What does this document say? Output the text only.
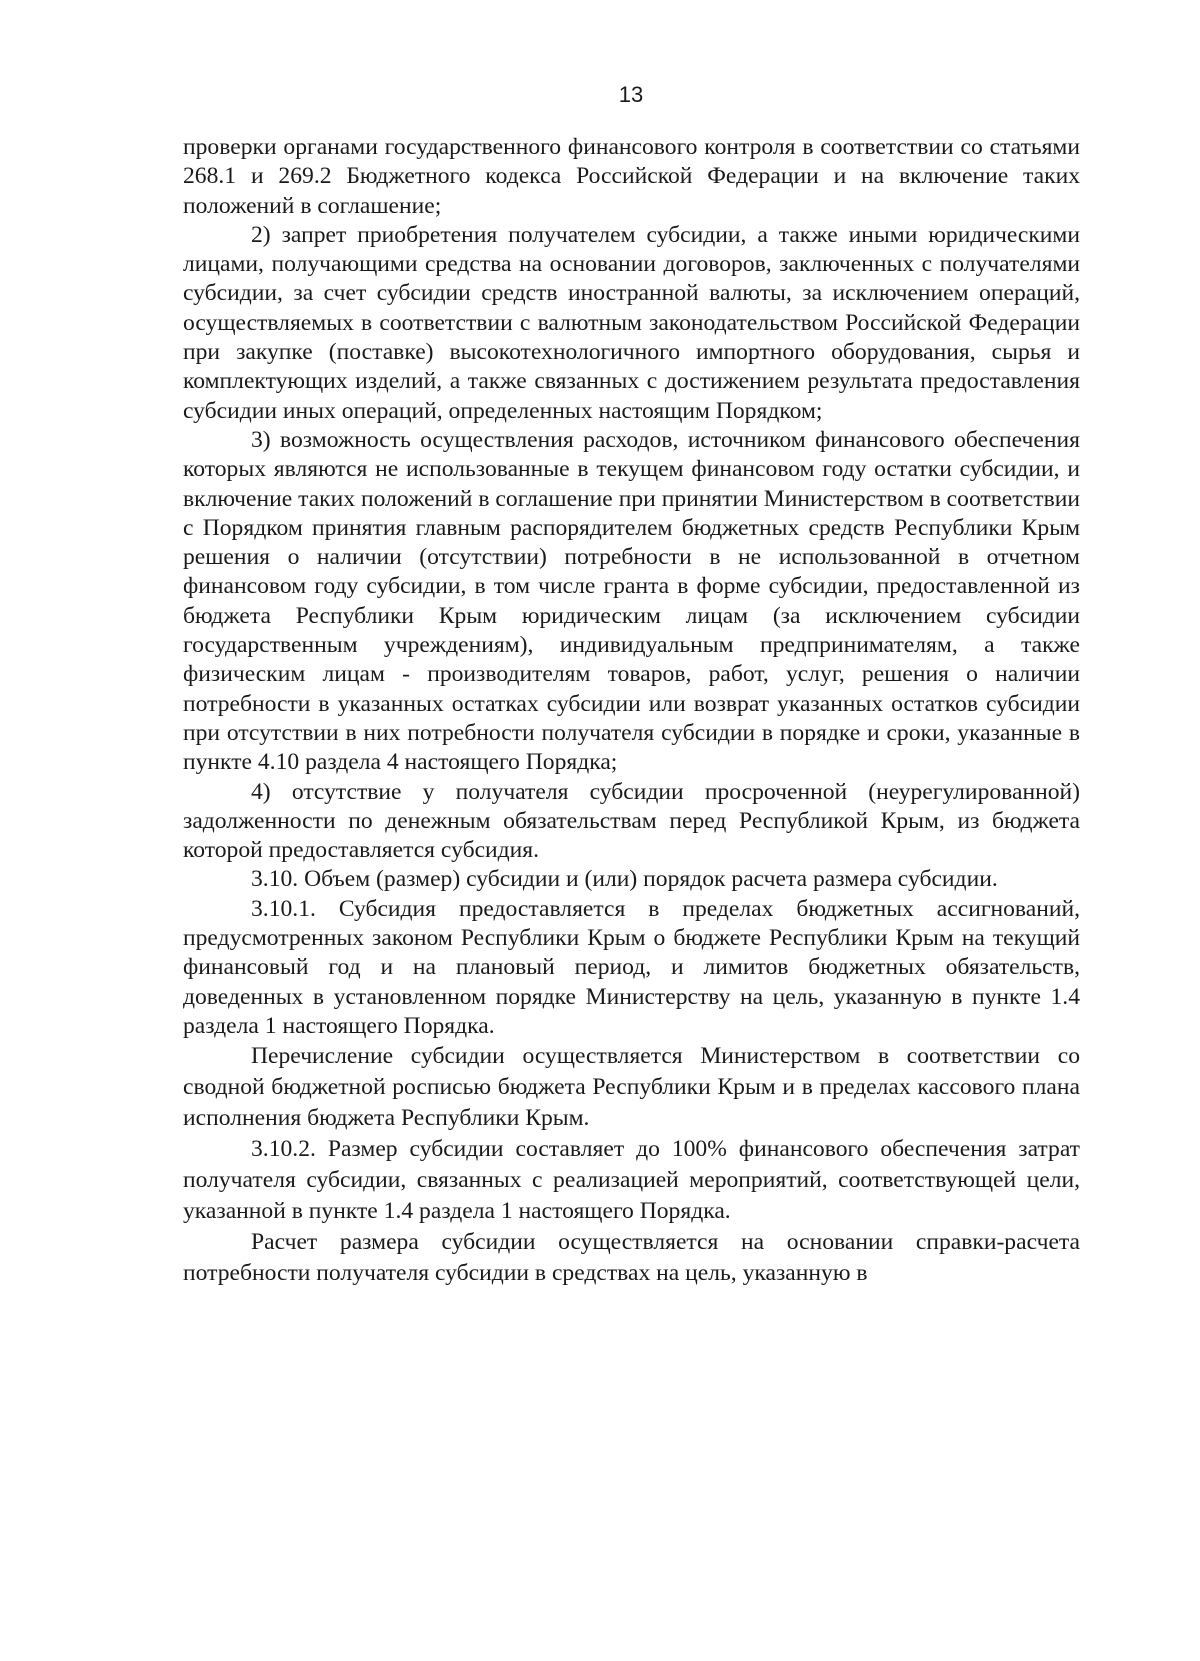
13

проверки органами государственного финансового контроля в соответствии со статьями 268.1 и 269.2 Бюджетного кодекса Российской Федерации и на включение таких положений в соглашение;

2) запрет приобретения получателем субсидии, а также иными юридическими лицами, получающими средства на основании договоров, заключенных с получателями субсидии, за счет субсидии средств иностранной валюты, за исключением операций, осуществляемых в соответствии с валютным законодательством Российской Федерации при закупке (поставке) высокотехнологичного импортного оборудования, сырья и комплектующих изделий, а также связанных с достижением результата предоставления субсидии иных операций, определенных настоящим Порядком;

3) возможность осуществления расходов, источником финансового обеспечения которых являются не использованные в текущем финансовом году остатки субсидии, и включение таких положений в соглашение при принятии Министерством в соответствии с Порядком принятия главным распорядителем бюджетных средств Республики Крым решения о наличии (отсутствии) потребности в не использованной в отчетном финансовом году субсидии, в том числе гранта в форме субсидии, предоставленной из бюджета Республики Крым юридическим лицам (за исключением субсидии государственным учреждениям), индивидуальным предпринимателям, а также физическим лицам - производителям товаров, работ, услуг, решения о наличии потребности в указанных остатках субсидии или возврат указанных остатков субсидии при отсутствии в них потребности получателя субсидии в порядке и сроки, указанные в пункте 4.10 раздела 4 настоящего Порядка;

4) отсутствие у получателя субсидии просроченной (неурегулированной) задолженности по денежным обязательствам перед Республикой Крым, из бюджета которой предоставляется субсидия.

3.10. Объем (размер) субсидии и (или) порядок расчета размера субсидии.

3.10.1. Субсидия предоставляется в пределах бюджетных ассигнований, предусмотренных законом Республики Крым о бюджете Республики Крым на текущий финансовый год и на плановый период, и лимитов бюджетных обязательств, доведенных в установленном порядке Министерству на цель, указанную в пункте 1.4 раздела 1 настоящего Порядка.

Перечисление субсидии осуществляется Министерством в соответствии со сводной бюджетной росписью бюджета Республики Крым и в пределах кассового плана исполнения бюджета Республики Крым.

3.10.2. Размер субсидии составляет до 100% финансового обеспечения затрат получателя субсидии, связанных с реализацией мероприятий, соответствующей цели, указанной в пункте 1.4 раздела 1 настоящего Порядка.

Расчет размера субсидии осуществляется на основании справки-расчета потребности получателя субсидии в средствах на цель, указанную в
